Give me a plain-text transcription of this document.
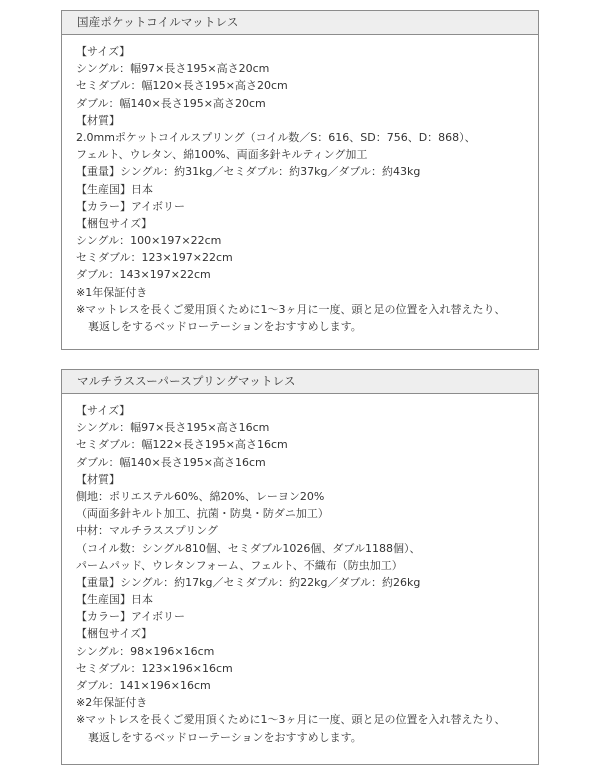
国産ポケットコイルマットレス
【サイズ】
シングル：幅97×長さ195×高さ20cm
セミダブル：幅120×長さ195×高さ20cm
ダブル：幅140×長さ195×高さ20cm
【材質】
2.0mmポケットコイルスプリング（コイル数／S：616、SD：756、D：868）、
フェルト、ウレタン、綿100%、両面多針キルティング加工
【重量】シングル：約31kg／セミダブル：約37kg／ダブル：約43kg
【生産国】日本
【カラー】アイボリー
【梱包サイズ】
シングル：100×197×22cm
セミダブル：123×197×22cm
ダブル：143×197×22cm
※1年保証付き
※マットレスを長くご愛用頂くために1～3ヶ月に一度、頭と足の位置を入れ替えたり、
裏返しをするベッドローテーションをおすすめします。
マルチラススーパースプリングマットレス
【サイズ】
シングル：幅97×長さ195×高さ16cm
セミダブル：幅122×長さ195×高さ16cm
ダブル：幅140×長さ195×高さ16cm
【材質】
側地：ポリエステル60%、綿20%、レーヨン20%
（両面多針キルト加工、抗菌・防臭・防ダニ加工）
中材：マルチラススプリング
（コイル数：シングル810個、セミダブル1026個、ダブル1188個）、
パームパッド、ウレタンフォーム、フェルト、不織布（防虫加工）
【重量】シングル：約17kg／セミダブル：約22kg／ダブル：約26kg
【生産国】日本
【カラー】アイボリー
【梱包サイズ】
シングル：98×196×16cm
セミダブル：123×196×16cm
ダブル：141×196×16cm
※2年保証付き
※マットレスを長くご愛用頂くために1～3ヶ月に一度、頭と足の位置を入れ替えたり、
裏返しをするベッドローテーションをおすすめします。
